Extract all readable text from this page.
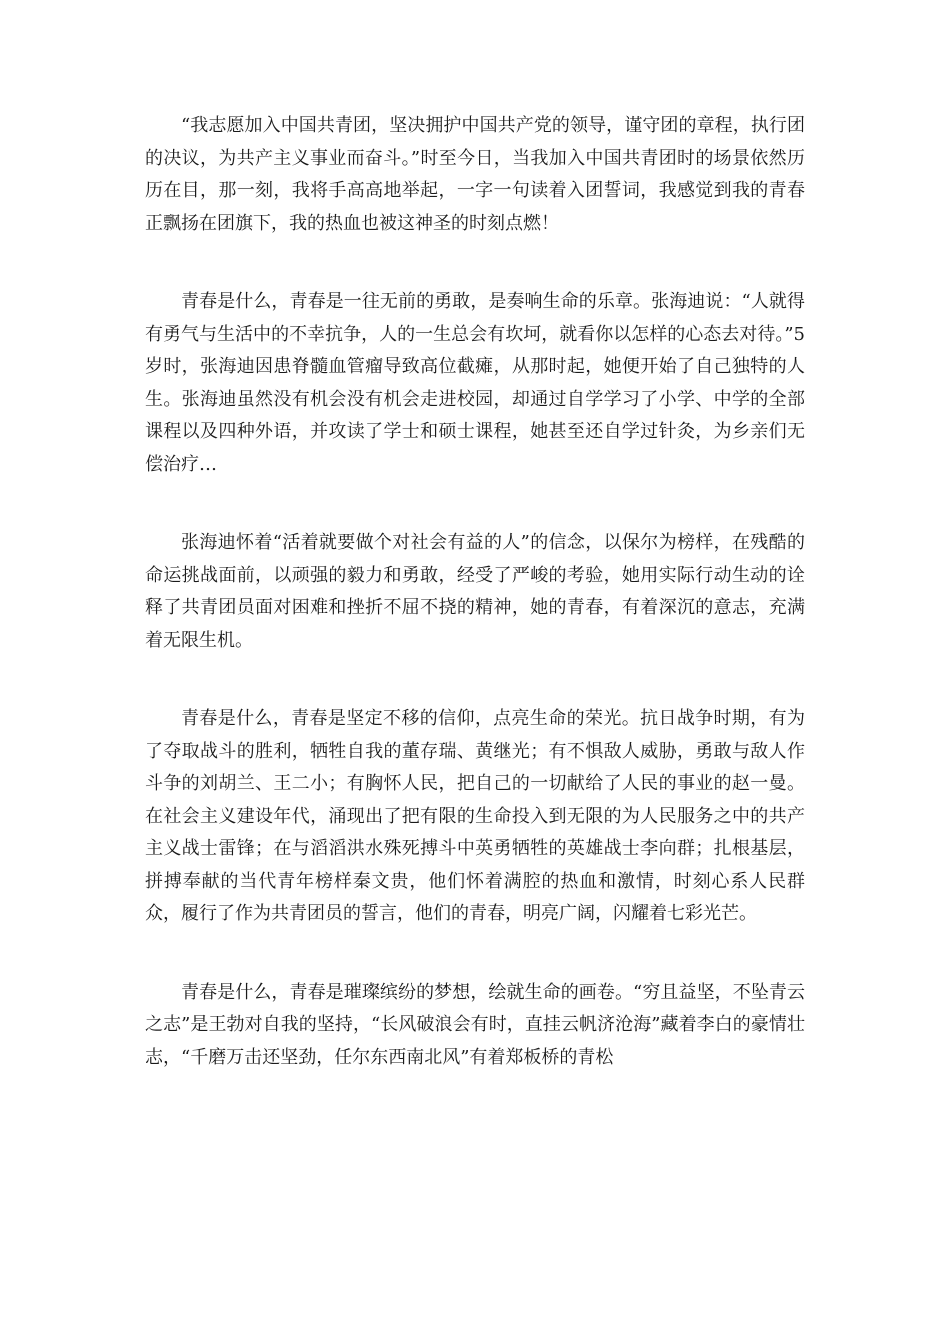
“我志愿加入中国共青团，坚决拥护中国共产党的领导，谨守团的章程，执行团的决议，为共产主义事业而奋斗。”时至今日，当我加入中国共青团时的场景依然历历在目，那一刻，我将手高高地举起，一字一句读着入团誓词，我感觉到我的青春正飘扬在团旗下，我的热血也被这神圣的时刻点燃！

青春是什么，青春是一往无前的勇敢，是奏响生命的乐章。张海迪说：“人就得有勇气与生活中的不幸抗争，人的一生总会有坎坷，就看你以怎样的心态去对待。”5岁时，张海迪因患脊髓血管瘤导致高位截瘫，从那时起，她便开始了自己独特的人生。张海迪虽然没有机会没有机会走进校园，却通过自学学习了小学、中学的全部课程以及四种外语，并攻读了学士和硕士课程，她甚至还自学过针灸，为乡亲们无偿治疗…

张海迪怀着“活着就要做个对社会有益的人”的信念，以保尔为榜样，在残酷的命运挑战面前，以顽强的毅力和勇敢，经受了严峻的考验，她用实际行动生动的诠释了共青团员面对困难和挫折不屈不挠的精神，她的青春，有着深沉的意志，充满着无限生机。

青春是什么，青春是坚定不移的信仰，点亮生命的荣光。抗日战争时期，有为了夺取战斗的胜利，牺牲自我的董存瑞、黄继光；有不惧敌人威胁，勇敢与敌人作斗争的刘胡兰、王二小；有胸怀人民，把自己的一切献给了人民的事业的赵一曼。在社会主义建设年代，涌现出了把有限的生命投入到无限的为人民服务之中的共产主义战士雷锋；在与滔滔洪水殊死搏斗中英勇牺牲的英雄战士李向群；扎根基层，拼搏奉献的当代青年榜样秦文贵，他们怀着满腔的热血和激情，时刻心系人民群众，履行了作为共青团员的誓言，他们的青春，明亮广阔，闪耀着七彩光芒。

青春是什么，青春是璀璨缤纷的梦想，绘就生命的画卷。“穷且益坚，不坠青云之志”是王勃对自我的坚持，“长风破浪会有时，直挂云帆济沧海”藏着李白的豪情壮志，“千磨万击还坚劲，任尔东西南北风”有着郑板桥的青松
